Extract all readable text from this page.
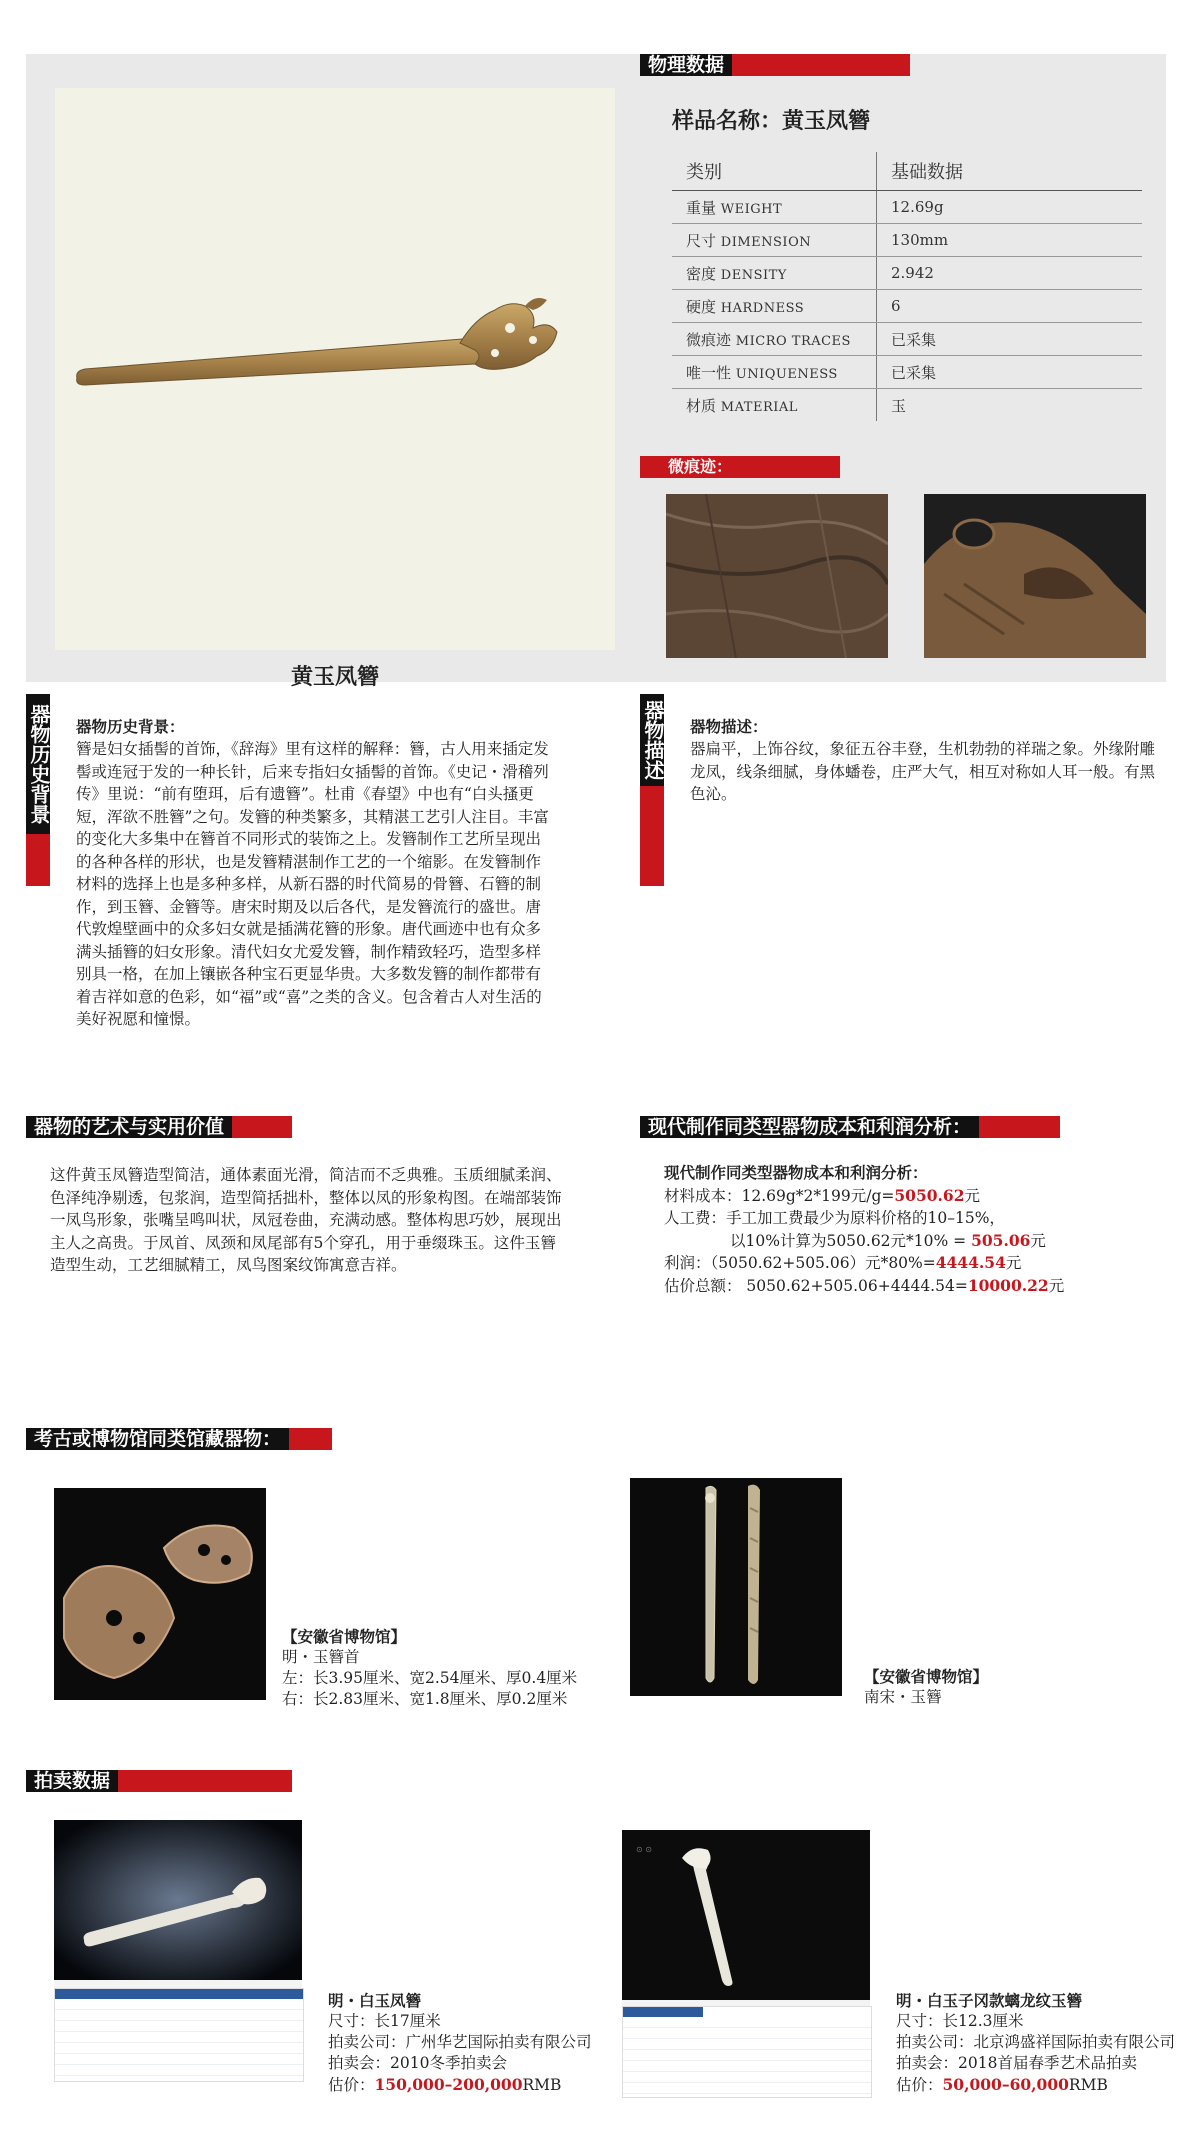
黄玉凤簪
物理数据
样品名称：黄玉凤簪
类别	基础数据
重量 WEIGHT	12.69g
尺寸 DIMENSION	130mm
密度 DENSITY	2.942
硬度 HARDNESS	6
微痕迹 MICRO TRACES	已采集
唯一性 UNIQUENESS	已采集
材质 MATERIAL	玉
微痕迹：
器物历史背景 器物历史背景：
簪是妇女插髻的首饰，《辞海》里有这样的解释：簪，古人用来插定发髻或连冠于发的一种长针，后来专指妇女插髻的首饰。《史记・滑稽列传》里说：“前有堕珥，后有遗簪”。杜甫《春望》中也有“白头搔更短，浑欲不胜簪”之句。发簪的种类繁多，其精湛工艺引人注目。丰富的变化大多集中在簪首不同形式的装饰之上。发簪制作工艺所呈现出的各种各样的形状，也是发簪精湛制作工艺的一个缩影。在发簪制作材料的选择上也是多种多样，从新石器的时代简易的骨簪、石簪的制作，到玉簪、金簪等。唐宋时期及以后各代，是发簪流行的盛世。唐代敦煌壁画中的众多妇女就是插满花簪的形象。唐代画迹中也有众多满头插簪的妇女形象。清代妇女尤爱发簪，制作精致轻巧，造型多样别具一格，在加上镶嵌各种宝石更显华贵。大多数发簪的制作都带有着吉祥如意的色彩，如“福”或“喜”之类的含义。包含着古人对生活的美好祝愿和憧憬。
器物描述 器物描述：
器扁平，上饰谷纹，象征五谷丰登，生机勃勃的祥瑞之象。外缘附雕龙凤，线条细腻，身体蟠卷，庄严大气，相互对称如人耳一般。有黑色沁。
器物的艺术与实用价值
这件黄玉凤簪造型简洁，通体素面光滑，简洁而不乏典雅。玉质细腻柔润、色泽纯净剔透，包浆润，造型简括拙朴，整体以凤的形象构图。在端部装饰一凤鸟形象，张嘴呈鸣叫状，凤冠卷曲，充满动感。整体构思巧妙，展现出主人之高贵。于凤首、凤颈和凤尾部有5个穿孔，用于垂缀珠玉。这件玉簪造型生动，工艺细腻精工，凤鸟图案纹饰寓意吉祥。
现代制作同类型器物成本和利润分析：
现代制作同类型器物成本和利润分析：
材料成本：12.69g*2*199元/g=5050.62元
人工费：手工加工费最少为原料价格的10–15%，
以10%计算为5050.62元*10% = 505.06元
利润：（5050.62+505.06）元*80%=4444.54元
估价总额： 5050.62+505.06+4444.54=10000.22元
考古或博物馆同类馆藏器物：
【安徽省博物馆】
明・玉簪首
左：长3.95厘米、宽2.54厘米、厚0.4厘米
右：长2.83厘米、宽1.8厘米、厚0.2厘米
【安徽省博物馆】
南宋・玉簪
拍卖数据
明・白玉凤簪
尺寸：长17厘米
拍卖公司：广州华艺国际拍卖有限公司
拍卖会：2010冬季拍卖会
估价：150,000–200,000RMB
⊙ ⊙
明・白玉子冈款螭龙纹玉簪
尺寸：长12.3厘米
拍卖公司：北京鸿盛祥国际拍卖有限公司
拍卖会：2018首届春季艺术品拍卖
估价：50,000–60,000RMB
